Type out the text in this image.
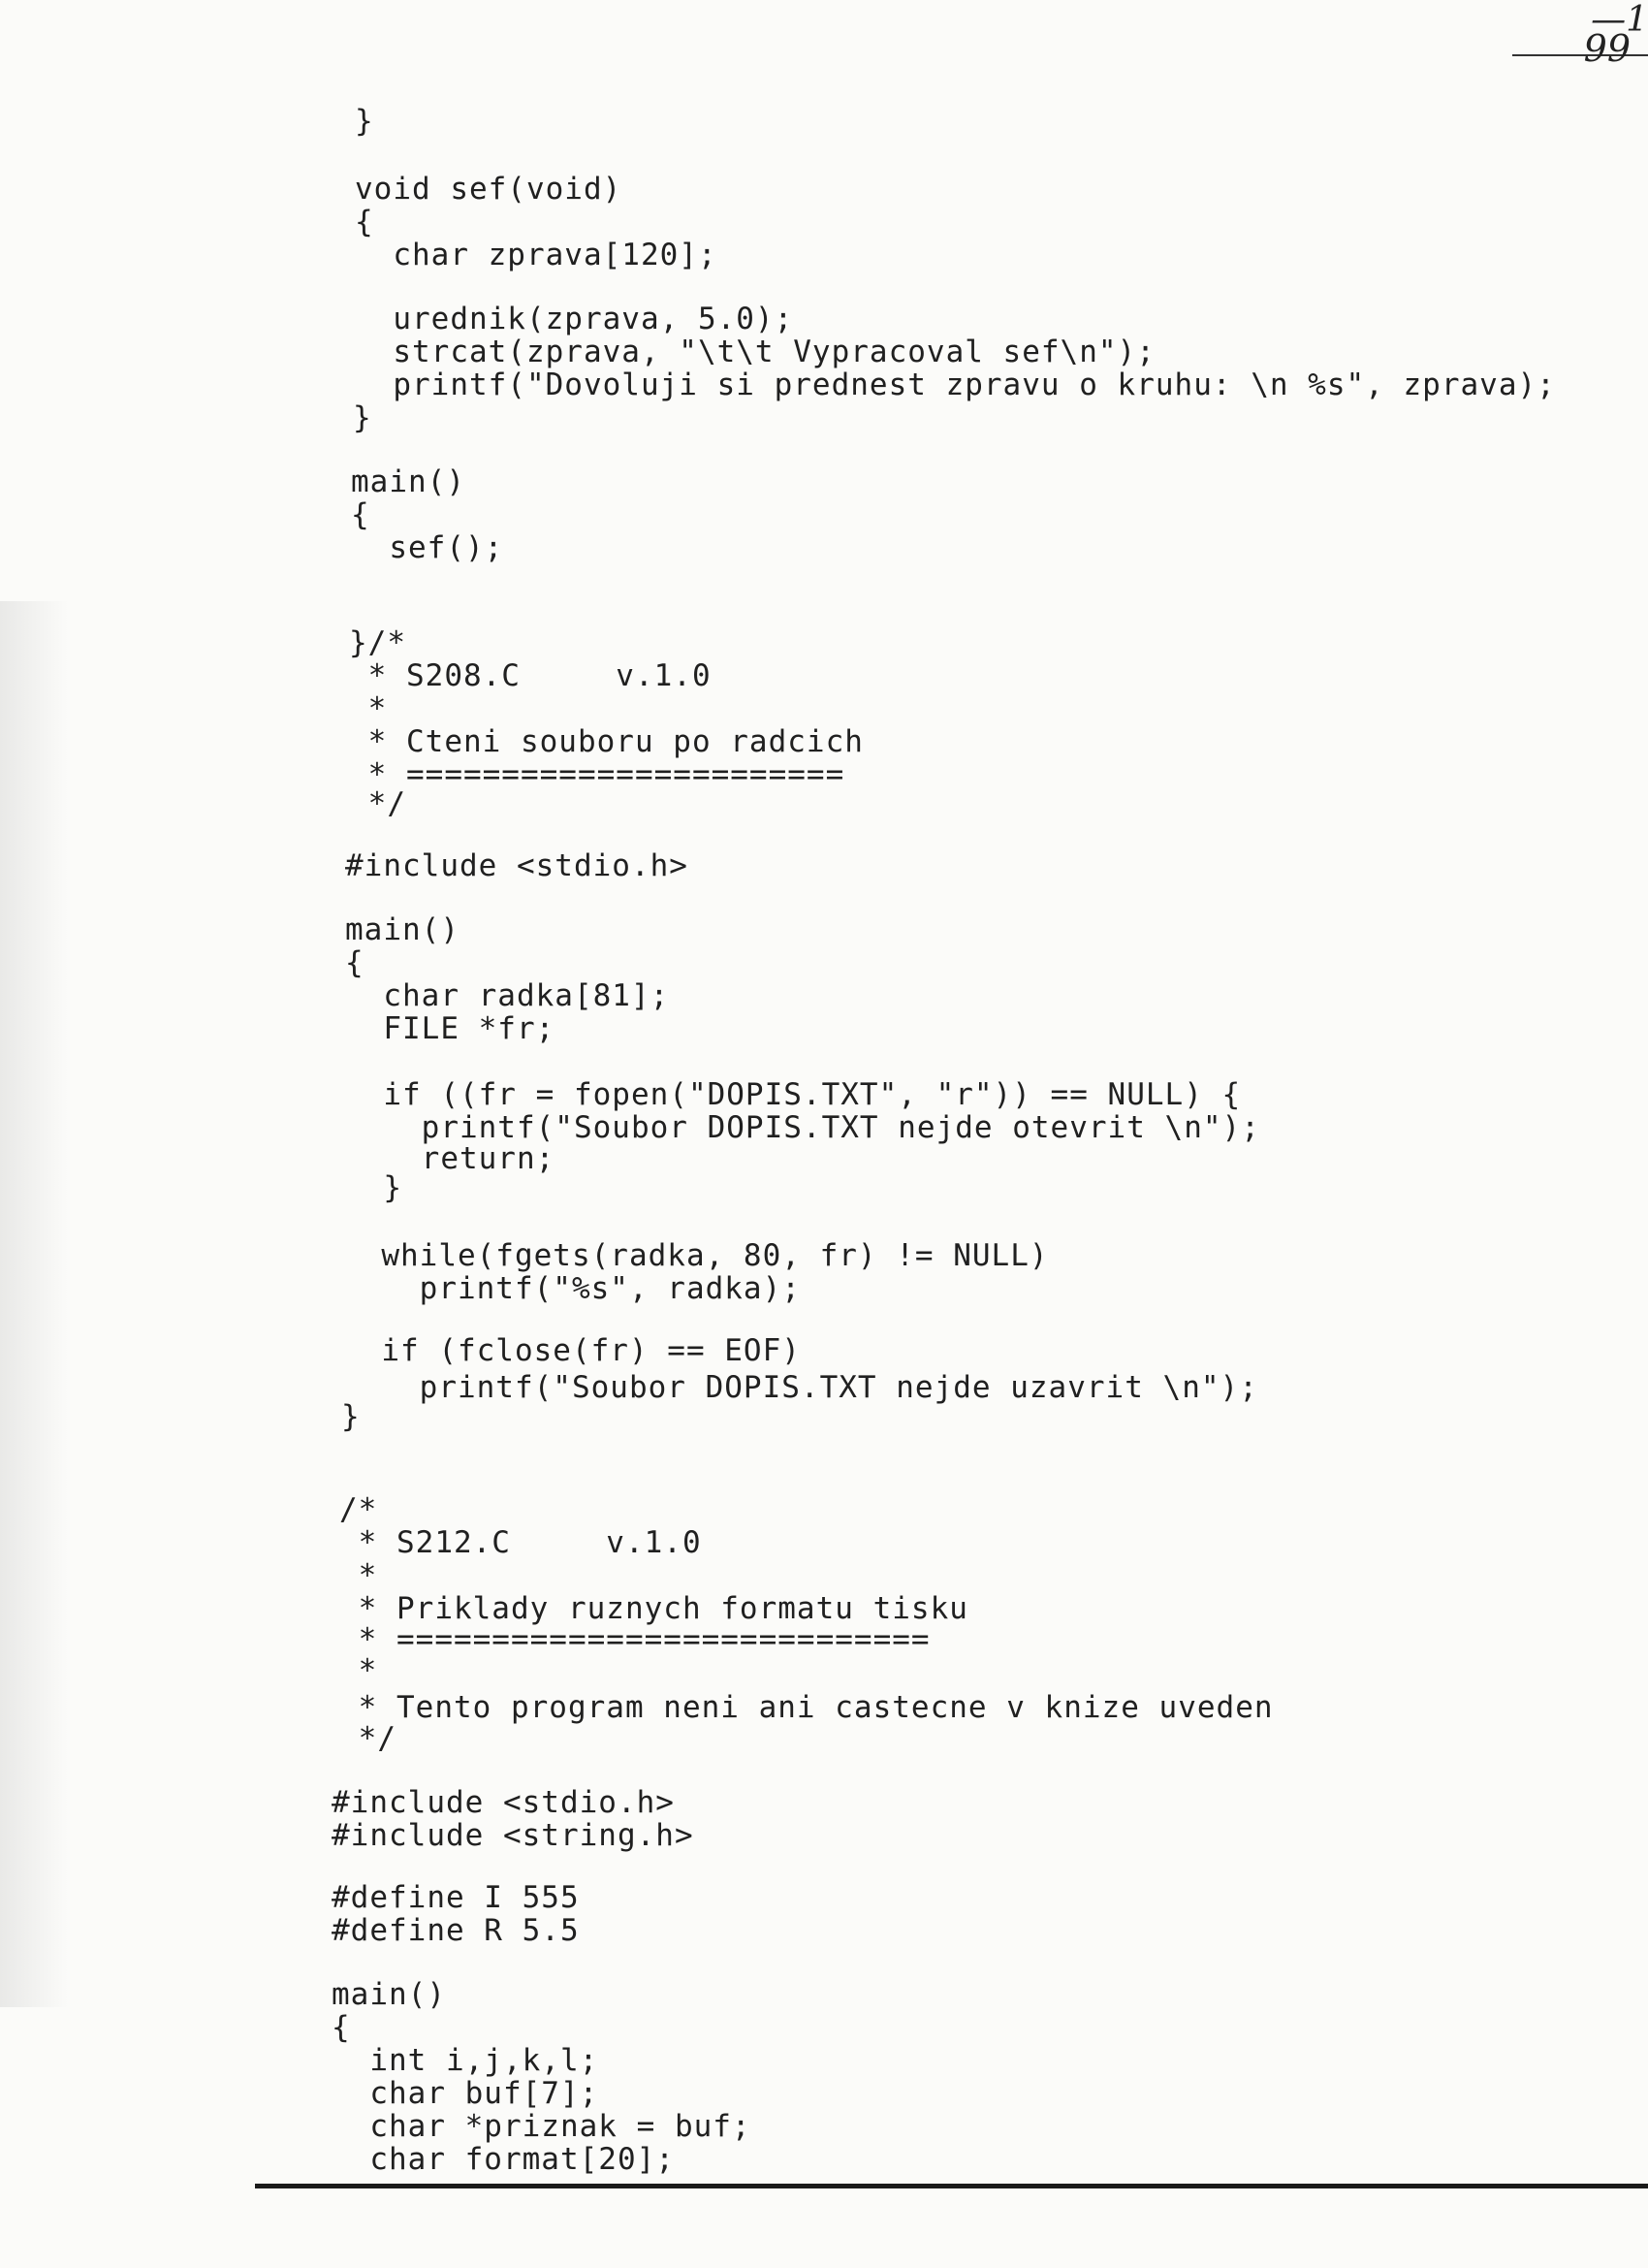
—1
99
}
void sef(void)
{
char zprava[120];
urednik(zprava, 5.0);
strcat(zprava, "\t\t Vypracoval sef\n");
printf("Dovoluji si prednest zpravu o kruhu: \n %s", zprava);
}
main()
{
sef();
}/*
* S208.C     v.1.0
*
* Cteni souboru po radcich
* =======================
*/
#include <stdio.h>
main()
{
char radka[81];
FILE *fr;
if ((fr = fopen("DOPIS.TXT", "r")) == NULL) {
printf("Soubor DOPIS.TXT nejde otevrit \n");
return;
}
while(fgets(radka, 80, fr) != NULL)
printf("%s", radka);
if (fclose(fr) == EOF)
printf("Soubor DOPIS.TXT nejde uzavrit \n");
}
/*
* S212.C     v.1.0
*
* Priklady ruznych formatu tisku
* ============================
*
* Tento program neni ani castecne v knize uveden
*/
#include <stdio.h>
#include <string.h>
#define I 555
#define R 5.5
main()
{
int i,j,k,l;
char buf[7];
char *priznak = buf;
char format[20];
